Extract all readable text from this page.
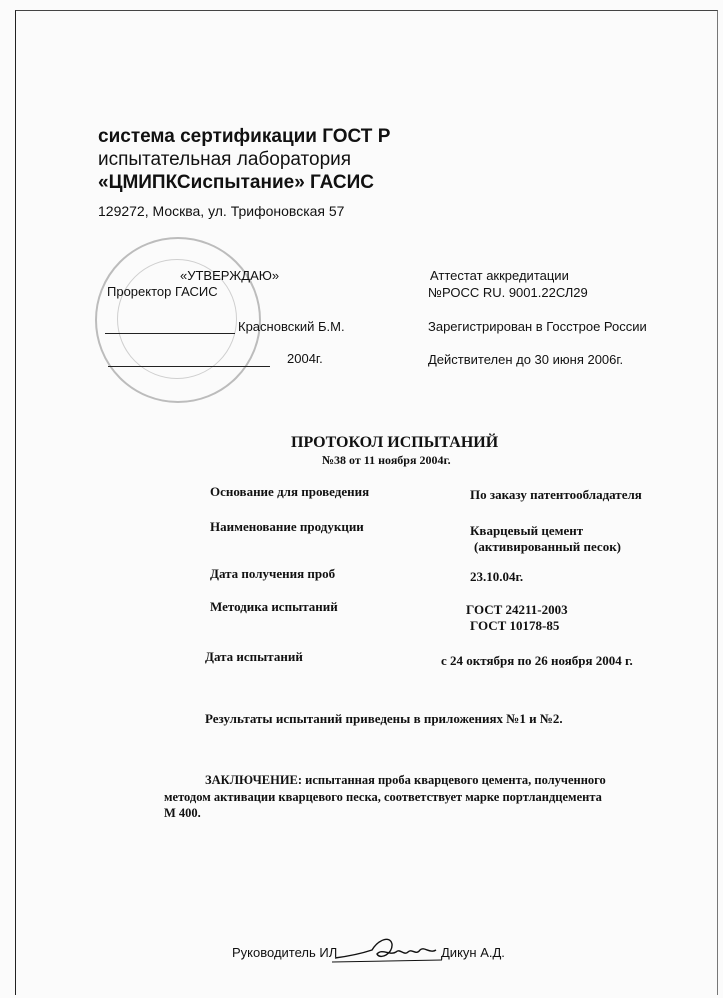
система сертификации ГОСТ Р
испытательная лаборатория
«ЦМИПКСиспытание» ГАСИС
129272, Москва, ул. Трифоновская 57
«УТВЕРЖДАЮ»
Проректор ГАСИС
Красновский Б.М.
2004г.
Аттестат аккредитации
№РОСС RU. 9001.22СЛ29
Зарегистрирован в Госстрое России
Действителен до 30 июня 2006г.
ПРОТОКОЛ ИСПЫТАНИЙ
№38 от 11 ноября 2004г.
Основание для проведения	По заказу патентообладателя
Наименование продукции	Кварцевый цемент
(активированный песок)
Дата получения проб	23.10.04г.
Методика испытаний	ГОСТ 24211-2003
ГОСТ 10178-85
Дата испытаний	с 24 октября по 26 ноября 2004 г.
Результаты испытаний приведены в приложениях №1 и №2.
ЗАКЛЮЧЕНИЕ: испытанная проба кварцевого цемента, полученного
методом активации кварцевого песка, соответствует марке портландцемента
М 400.
Руководитель ИЛ	Дикун А.Д.
